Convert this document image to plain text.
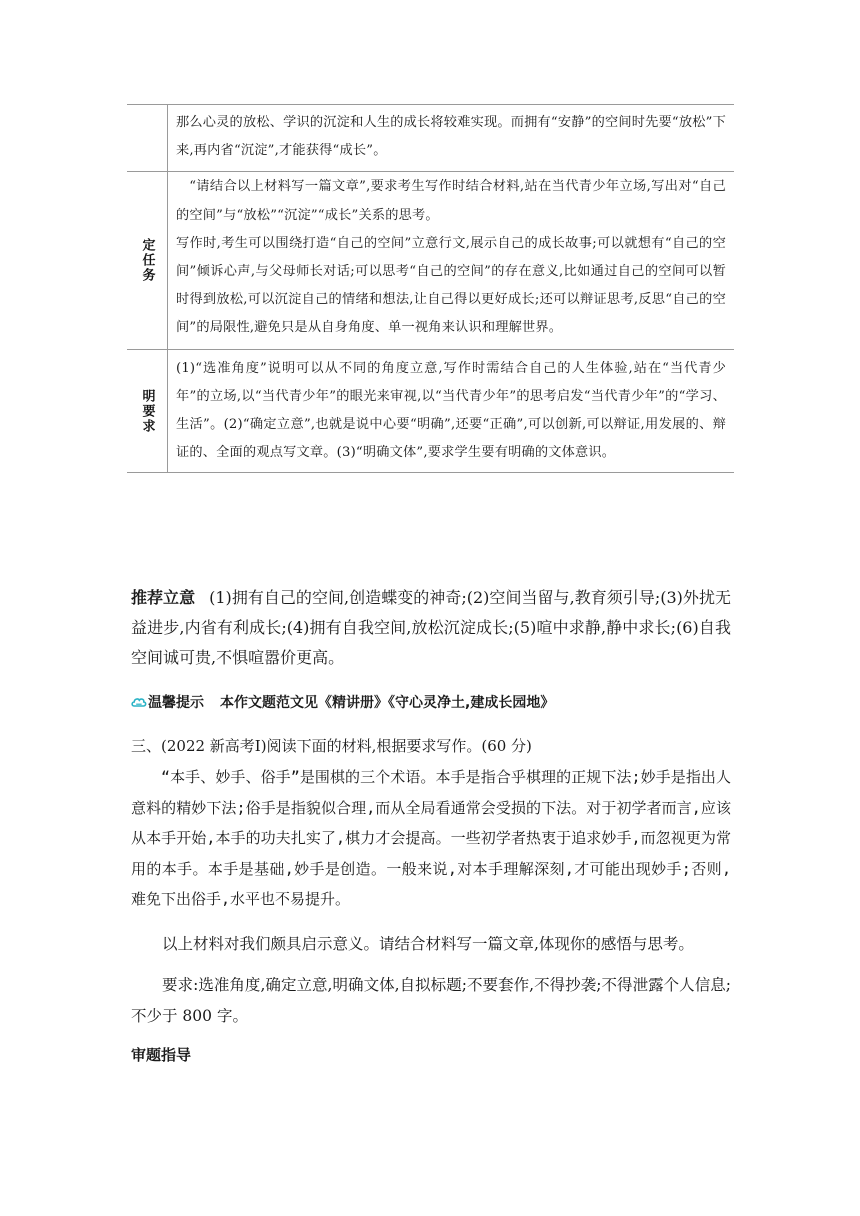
那么心灵的放松、学识的沉淀和人生的成长将较难实现。而拥有“安静”的空间时先要“放松”下来,再内省“沉淀”,才能获得“成长”。

定任务

“请结合以上材料写一篇文章”,要求考生写作时结合材料,站在当代青少年立场,写出对“自己的空间”与“放松”“沉淀”“成长”关系的思考。

写作时,考生可以围绕打造“自己的空间”立意行文,展示自己的成长故事;可以就想有“自己的空间”倾诉心声,与父母师长对话;可以思考“自己的空间”的存在意义,比如通过自己的空间可以暂时得到放松,可以沉淀自己的情绪和想法,让自己得以更好成长;还可以辩证思考,反思“自己的空间”的局限性,避免只是从自身角度、单一视角来认识和理解世界。

明要求

(1)“选准角度”说明可以从不同的角度立意,写作时需结合自己的人生体验,站在“当代青少年”的立场,以“当代青少年”的眼光来审视,以“当代青少年”的思考启发“当代青少年”的“学习、生活”。(2)“确定立意”,也就是说中心要“明确”,还要“正确”,可以创新,可以辩证,用发展的、辩证的、全面的观点写文章。(3)“明确文体”,要求学生要有明确的文体意识。

推荐立意 (1)拥有自己的空间,创造蝶变的神奇;(2)空间当留与,教育须引导;(3)外扰无益进步,内省有利成长;(4)拥有自我空间,放松沉淀成长;(5)喧中求静,静中求长;(6)自我空间诚可贵,不惧喧嚣价更高。

温馨提示 本作文题范文见《精讲册》《守心灵净土,建成长园地》

三、(2022 新高考Ⅰ)阅读下面的材料,根据要求写作。(60 分)

“本手、妙手、俗手”是围棋的三个术语。本手是指合乎棋理的正规下法;妙手是指出人意料的精妙下法;俗手是指貌似合理,而从全局看通常会受损的下法。对于初学者而言,应该从本手开始,本手的功夫扎实了,棋力才会提高。一些初学者热衷于追求妙手,而忽视更为常用的本手。本手是基础,妙手是创造。一般来说,对本手理解深刻,才可能出现妙手;否则,难免下出俗手,水平也不易提升。

以上材料对我们颇具启示意义。请结合材料写一篇文章,体现你的感悟与思考。

要求:选准角度,确定立意,明确文体,自拟标题;不要套作,不得抄袭;不得泄露个人信息;不少于 800 字。

审题指导
